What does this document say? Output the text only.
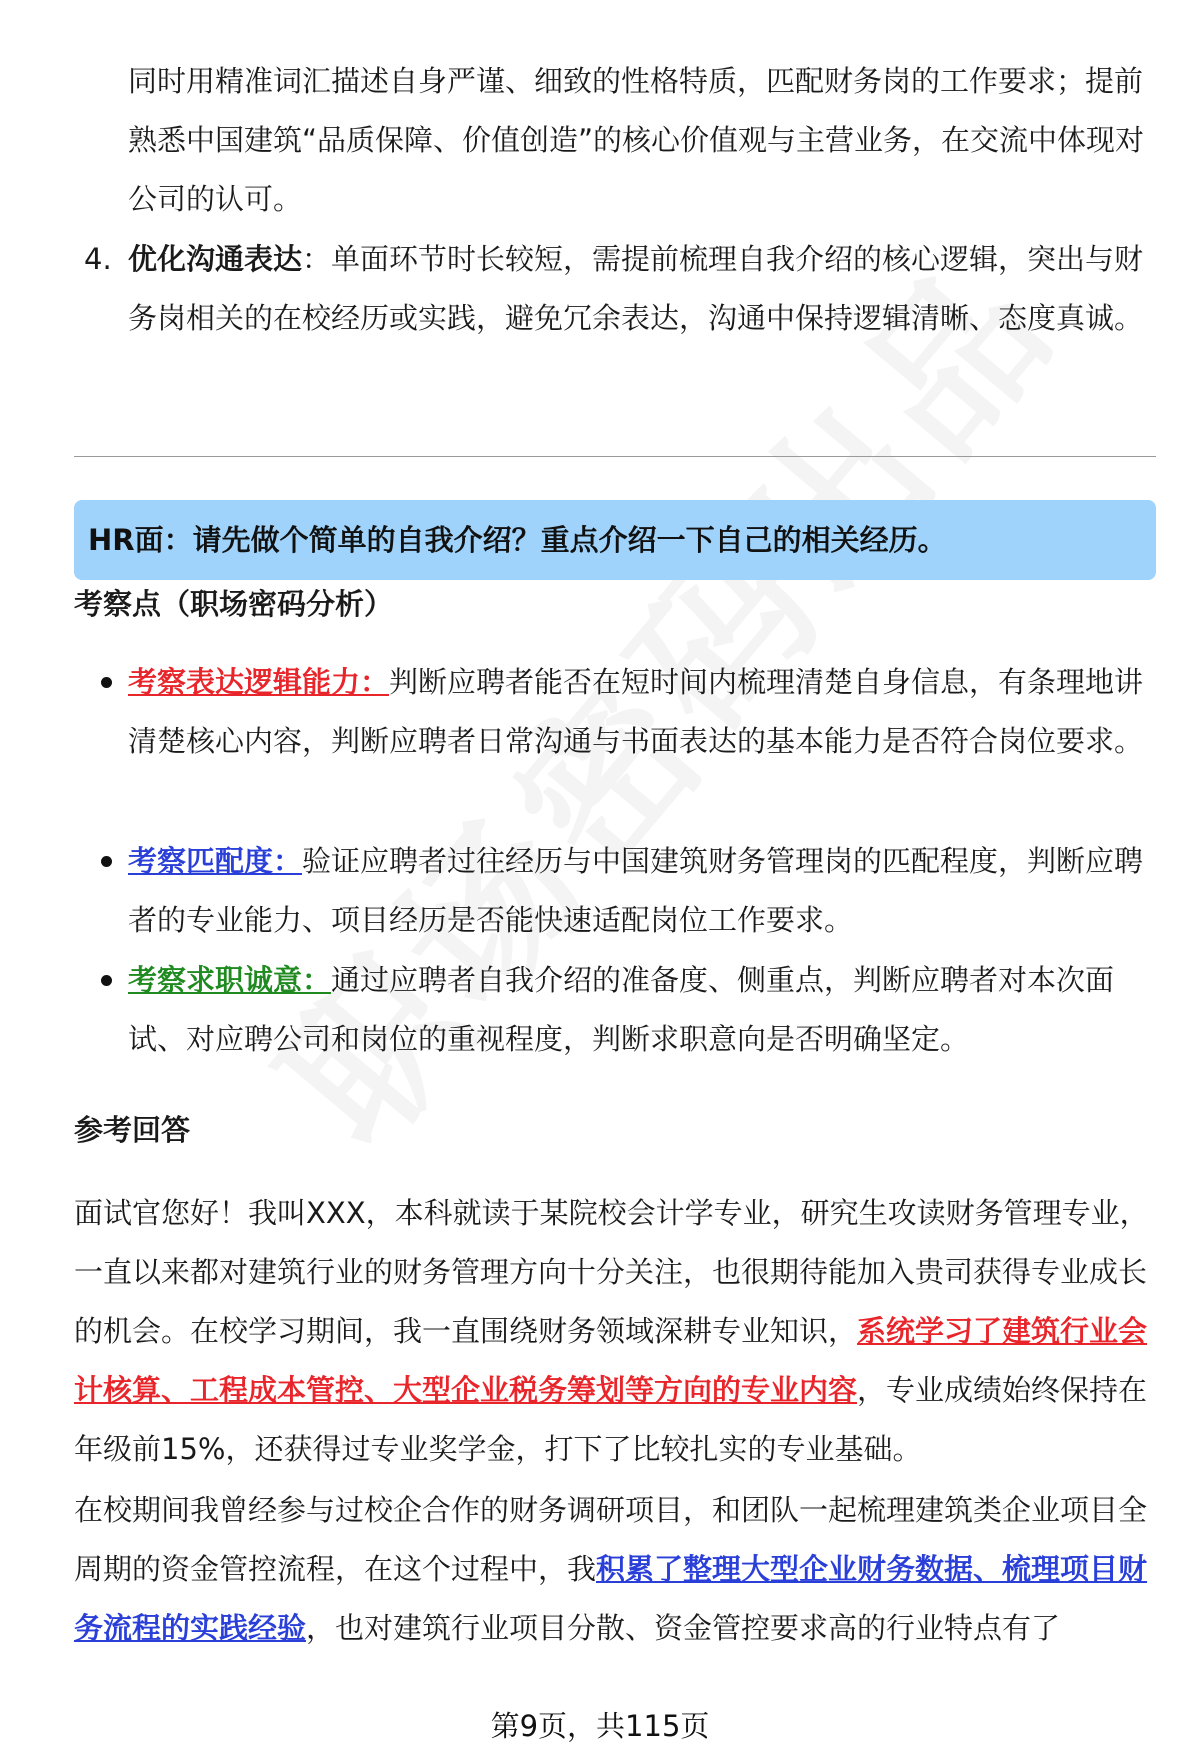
同时用精准词汇描述自身严谨、细致的性格特质，匹配财务岗的工作要求；提前熟悉中国建筑“品质保障、价值创造”的核心价值观与主营业务，在交流中体现对公司的认可。
4. 优化沟通表达：单面环节时长较短，需提前梳理自我介绍的核心逻辑，突出与财务岗相关的在校经历或实践，避免冗余表达，沟通中保持逻辑清晰、态度真诚。
HR面：请先做个简单的自我介绍？重点介绍一下自己的相关经历。
考察点（职场密码分析）
考察表达逻辑能力：判断应聘者能否在短时间内梳理清楚自身信息，有条理地讲清楚核心内容，判断应聘者日常沟通与书面表达的基本能力是否符合岗位要求。
考察匹配度：验证应聘者过往经历与中国建筑财务管理岗的匹配程度，判断应聘者的专业能力、项目经历是否能快速适配岗位工作要求。
考察求职诚意：通过应聘者自我介绍的准备度、侧重点，判断应聘者对本次面试、对应聘公司和岗位的重视程度，判断求职意向是否明确坚定。
参考回答
面试官您好！我叫XXX，本科就读于某院校会计学专业，研究生攻读财务管理专业，一直以来都对建筑行业的财务管理方向十分关注，也很期待能加入贵司获得专业成长的机会。在校学习期间，我一直围绕财务领域深耕专业知识，系统学习了建筑行业会计核算、工程成本管控、大型企业税务筹划等方向的专业内容，专业成绩始终保持在年级前15%，还获得过专业奖学金，打下了比较扎实的专业基础。
在校期间我曾经参与过校企合作的财务调研项目，和团队一起梳理建筑类企业项目全周期的资金管控流程，在这个过程中，我积累了整理大型企业财务数据、梳理项目财务流程的实践经验，也对建筑行业项目分散、资金管控要求高的行业特点有了
第9页，共115页
